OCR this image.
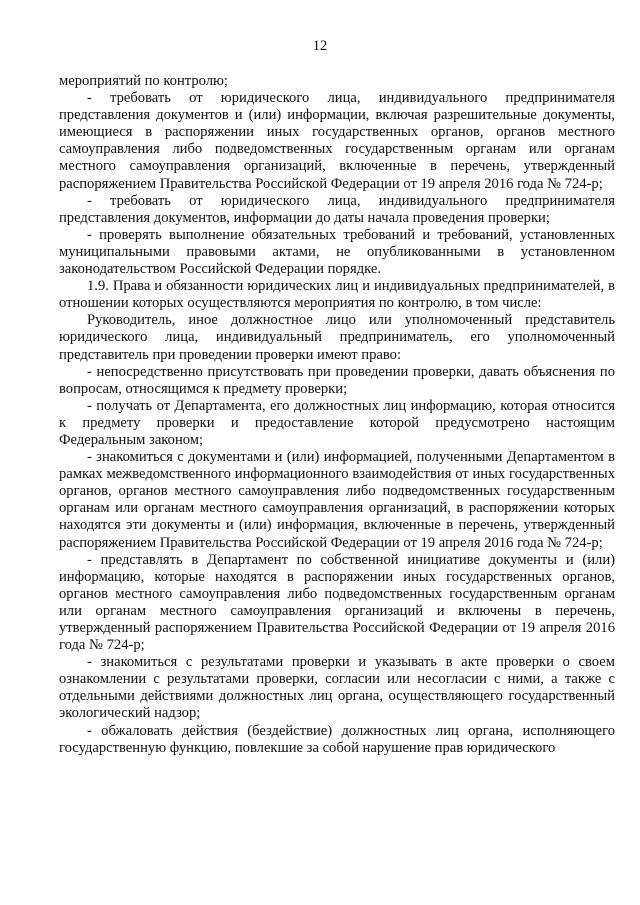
12

мероприятий по контролю;

- требовать от юридического лица, индивидуального предпринимателя представления документов и (или) информации, включая разрешительные документы, имеющиеся в распоряжении иных государственных органов, органов местного самоуправления либо подведомственных государственным органам или органам местного самоуправления организаций, включенные в перечень, утвержденный распоряжением Правительства Российской Федерации от 19 апреля 2016 года № 724-р;

- требовать от юридического лица, индивидуального предпринимателя представления документов, информации до даты начала проведения проверки;

- проверять выполнение обязательных требований и требований, установленных муниципальными правовыми актами, не опубликованными в установленном законодательством Российской Федерации порядке.

1.9. Права и обязанности юридических лиц и индивидуальных предпринимателей, в отношении которых осуществляются мероприятия по контролю, в том числе:

Руководитель, иное должностное лицо или уполномоченный представитель юридического лица, индивидуальный предприниматель, его уполномоченный представитель при проведении проверки имеют право:

- непосредственно присутствовать при проведении проверки, давать объяснения по вопросам, относящимся к предмету проверки;

- получать от Департамента, его должностных лиц информацию, которая относится к предмету проверки и предоставление которой предусмотрено настоящим Федеральным законом;

- знакомиться с документами и (или) информацией, полученными Департаментом в рамках межведомственного информационного взаимодействия от иных государственных органов, органов местного самоуправления либо подведомственных государственным органам или органам местного самоуправления организаций, в распоряжении которых находятся эти документы и (или) информация, включенные в перечень, утвержденный распоряжением Правительства Российской Федерации от 19 апреля 2016 года № 724-р;

- представлять в Департамент по собственной инициативе документы и (или) информацию, которые находятся в распоряжении иных государственных органов, органов местного самоуправления либо подведомственных государственным органам или органам местного самоуправления организаций и включены в перечень, утвержденный распоряжением Правительства Российской Федерации от 19 апреля 2016 года № 724-р;

- знакомиться с результатами проверки и указывать в акте проверки о своем ознакомлении с результатами проверки, согласии или несогласии с ними, а также с отдельными действиями должностных лиц органа, осуществляющего государственный экологический надзор;

- обжаловать действия (бездействие) должностных лиц органа, исполняющего государственную функцию, повлекшие за собой нарушение прав юридического
